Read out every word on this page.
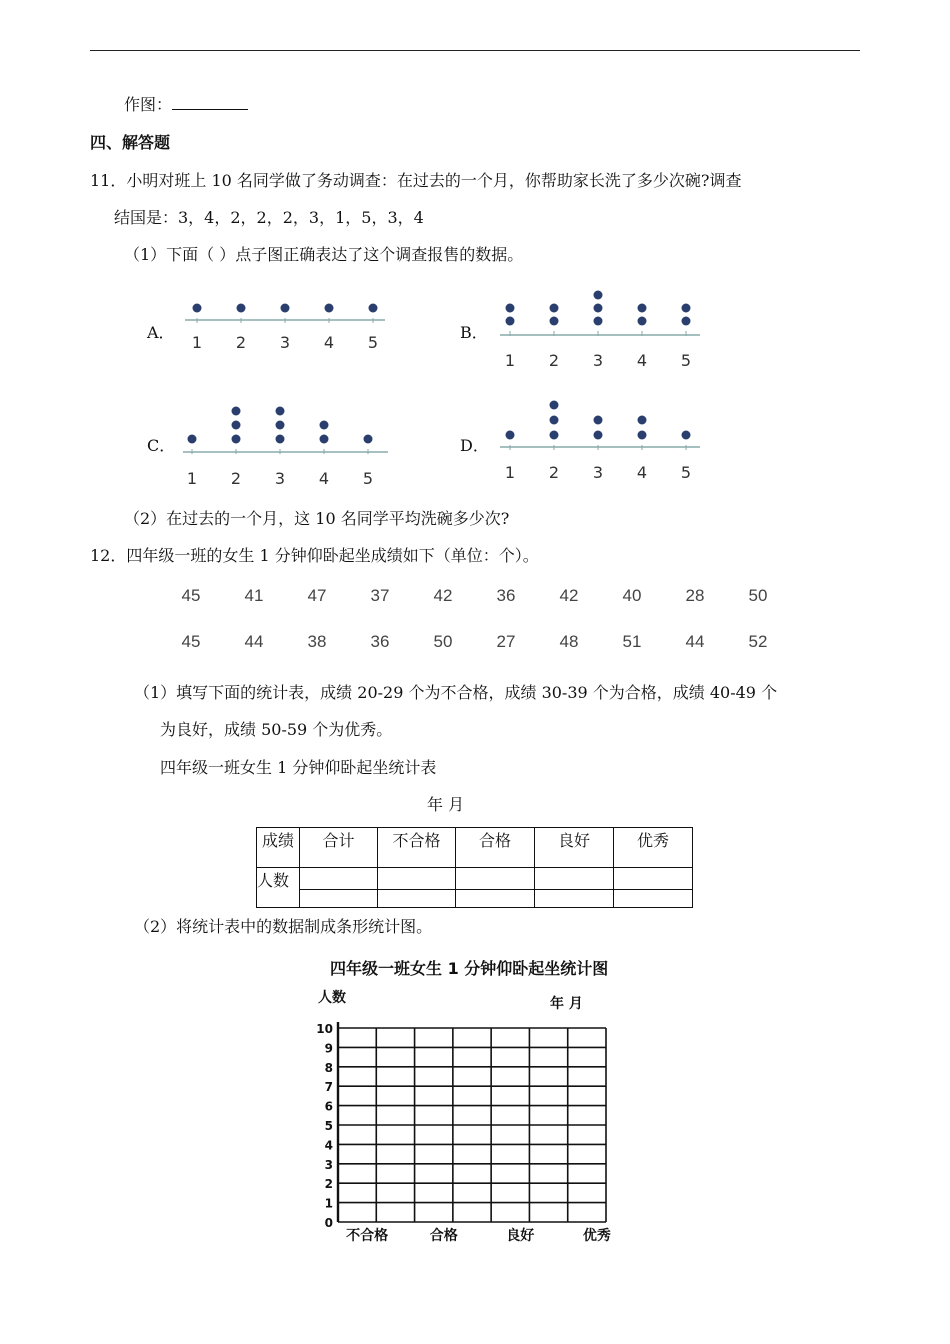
作图：
四、解答题
11．小明对班上 10 名同学做了务动调查：在过去的一个月，你帮助家长洗了多少次碗?调查
结国是：3，4，2，2，2，3，1，5，3，4
（1）下面（ ）点子图正确表达了这个调查报售的数据。
A．
1 2 3 4 5
B．
1 2 3 4 5
C．
1 2 3 4 5
D．
1 2 3 4 5
（2）在过去的一个月，这 10 名同学平均洗碗多少次?
12．四年级一班的女生 1 分钟仰卧起坐成绩如下（单位：个）。
45	41	47	37	42	36	42	40	28	50
45	44	38	36	50	27	48	51	44	52
（1）填写下面的统计表，成绩 20-29 个为不合格，成绩 30-39 个为合格，成绩 40-49 个
为良好，成绩 50-59 个为优秀。
四年级一班女生 1 分钟仰卧起坐统计表
年 月
成绩	合计	不合格	合格	良好	优秀
人数	

（2）将统计表中的数据制成条形统计图。
四年级一班女生 1 分钟仰卧起坐统计图
人数	年 月
0
1
2
3
4
5
6
7
8
9
10
不合格	合格	良好	优秀
